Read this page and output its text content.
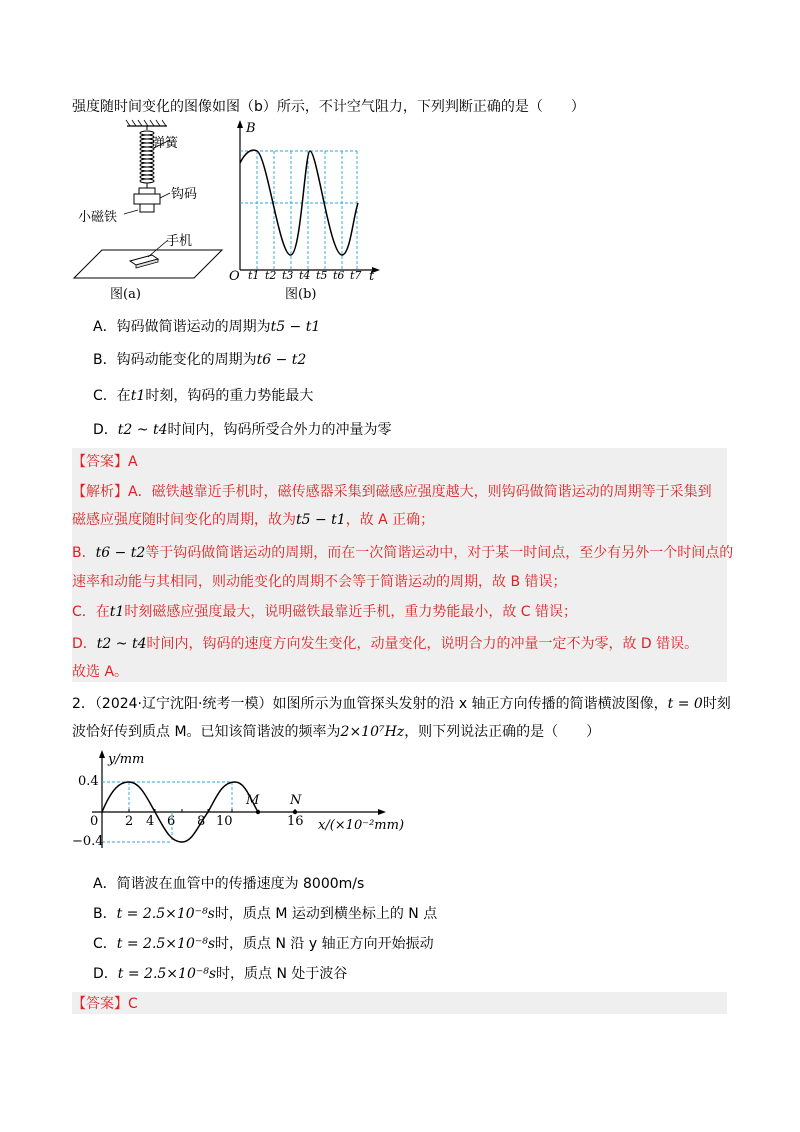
强度随时间变化的图像如图（b）所示，不计空气阻力，下列判断正确的是（　　）
弹簧
钩码
小磁铁
手机
图(a)
B
O	t
t1 t2 t3 t4 t5 t6 t7
图(b)
A．钩码做简谐运动的周期为t5 − t1
B．钩码动能变化的周期为t6 − t2
C．在t1时刻，钩码的重力势能最大
D．t2 ~ t4时间内，钩码所受合外力的冲量为零
【答案】A
【解析】A．磁铁越靠近手机时，磁传感器采集到磁感应强度越大，则钩码做简谐运动的周期等于采集到
磁感应强度随时间变化的周期，故为t5 − t1，故 A 正确；
B．t6 − t2等于钩码做简谐运动的周期，而在一次简谐运动中，对于某一时间点，至少有另外一个时间点的
速率和动能与其相同，则动能变化的周期不会等于简谐运动的周期，故 B 错误；
C．在t1时刻磁感应强度最大，说明磁铁最靠近手机，重力势能最小，故 C 错误；
D．t2 ~ t4时间内，钩码的速度方向发生变化，动量变化，说明合力的冲量一定不为零，故 D 错误。
故选 A。
2．（2024·辽宁沈阳·统考一模）如图所示为血管探头发射的沿 x 轴正方向传播的简谐横波图像，t = 0时刻
波恰好传到质点 M。已知该简谐波的频率为2×10⁷Hz，则下列说法正确的是（　　）
y/mm
0.4
−0.4
0 2 4 6 8 10	16
M N
x/(×10⁻²mm)
A．简谐波在血管中的传播速度为 8000m/s
B．t = 2.5×10⁻⁸s时，质点 M 运动到横坐标上的 N 点
C．t = 2.5×10⁻⁸s时，质点 N 沿 y 轴正方向开始振动
D．t = 2.5×10⁻⁸s时，质点 N 处于波谷
【答案】C
